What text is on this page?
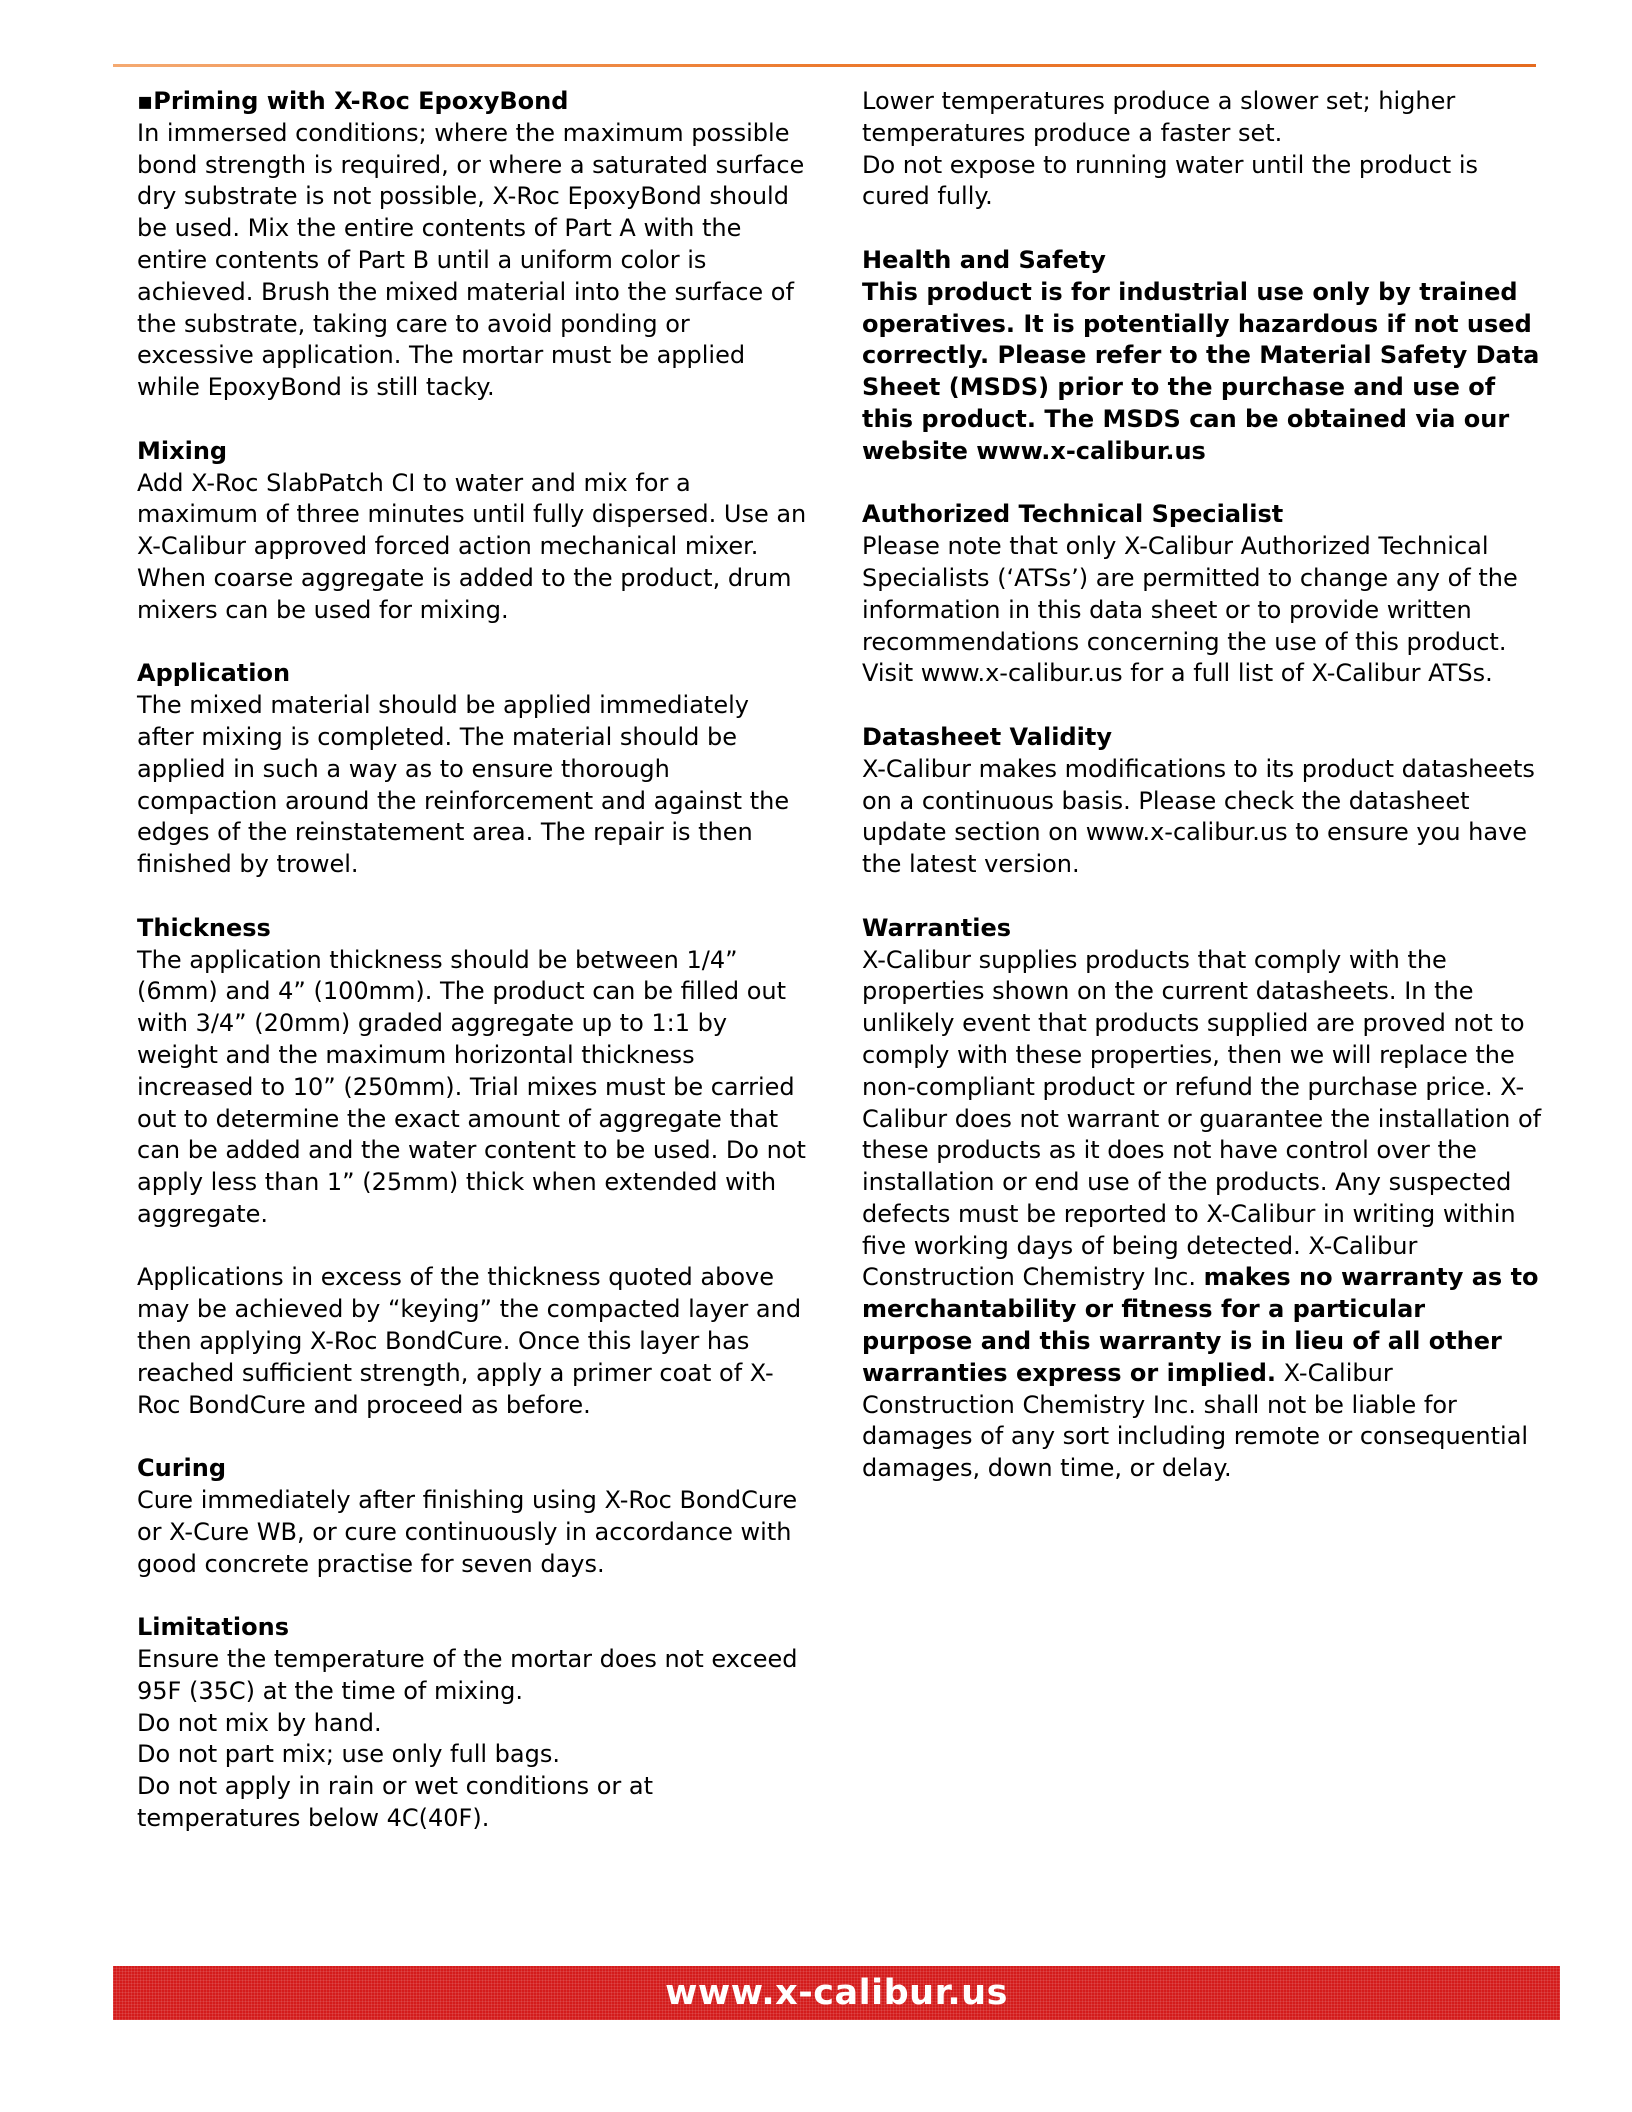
▪Priming with X-Roc EpoxyBond

In immersed conditions; where the maximum possible bond strength is required, or where a saturated surface dry substrate is not possible, X-Roc EpoxyBond should be used. Mix the entire contents of Part A with the entire contents of Part B until a uniform color is achieved. Brush the mixed material into the surface of the substrate, taking care to avoid ponding or excessive application. The mortar must be applied while EpoxyBond is still tacky.

Mixing

Add X-Roc SlabPatch CI to water and mix for a maximum of three minutes until fully dispersed. Use an X-Calibur approved forced action mechanical mixer. When coarse aggregate is added to the product, drum mixers can be used for mixing.

Application

The mixed material should be applied immediately after mixing is completed. The material should be applied in such a way as to ensure thorough compaction around the reinforcement and against the edges of the reinstatement area. The repair is then finished by trowel.

Thickness

The application thickness should be between 1/4” (6mm) and 4” (100mm). The product can be filled out with 3/4” (20mm) graded aggregate up to 1:1 by weight and the maximum horizontal thickness increased to 10” (250mm). Trial mixes must be carried out to determine the exact amount of aggregate that can be added and the water content to be used. Do not apply less than 1” (25mm) thick when extended with aggregate.

Applications in excess of the thickness quoted above may be achieved by “keying” the compacted layer and then applying X-Roc BondCure. Once this layer has reached sufficient strength, apply a primer coat of X-Roc BondCure and proceed as before.

Curing

Cure immediately after finishing using X-Roc BondCure or X-Cure WB, or cure continuously in accordance with good concrete practise for seven days.

Limitations

Ensure the temperature of the mortar does not exceed 95F (35C) at the time of mixing.

Do not mix by hand.

Do not part mix; use only full bags.

Do not apply in rain or wet conditions or at temperatures below 4C(40F).

Lower temperatures produce a slower set; higher temperatures produce a faster set.

Do not expose to running water until the product is cured fully.

Health and Safety

This product is for industrial use only by trained operatives. It is potentially hazardous if not used correctly. Please refer to the Material Safety Data Sheet (MSDS) prior to the purchase and use of this product. The MSDS can be obtained via our website www.x-calibur.us

Authorized Technical Specialist

Please note that only X-Calibur Authorized Technical Specialists (‘ATSs’) are permitted to change any of the information in this data sheet or to provide written recommendations concerning the use of this product. Visit www.x-calibur.us for a full list of X-Calibur ATSs.

Datasheet Validity

X-Calibur makes modifications to its product datasheets on a continuous basis. Please check the datasheet update section on www.x-calibur.us to ensure you have the latest version.

Warranties

X-Calibur supplies products that comply with the properties shown on the current datasheets. In the unlikely event that products supplied are proved not to comply with these properties, then we will replace the non-compliant product or refund the purchase price. X-Calibur does not warrant or guarantee the installation of these products as it does not have control over the installation or end use of the products. Any suspected defects must be reported to X-Calibur in writing within five working days of being detected. X-Calibur Construction Chemistry Inc. makes no warranty as to merchantability or fitness for a particular purpose and this warranty is in lieu of all other warranties express or implied. X-Calibur Construction Chemistry Inc. shall not be liable for damages of any sort including remote or consequential damages, down time, or delay.

www.x-calibur.us
